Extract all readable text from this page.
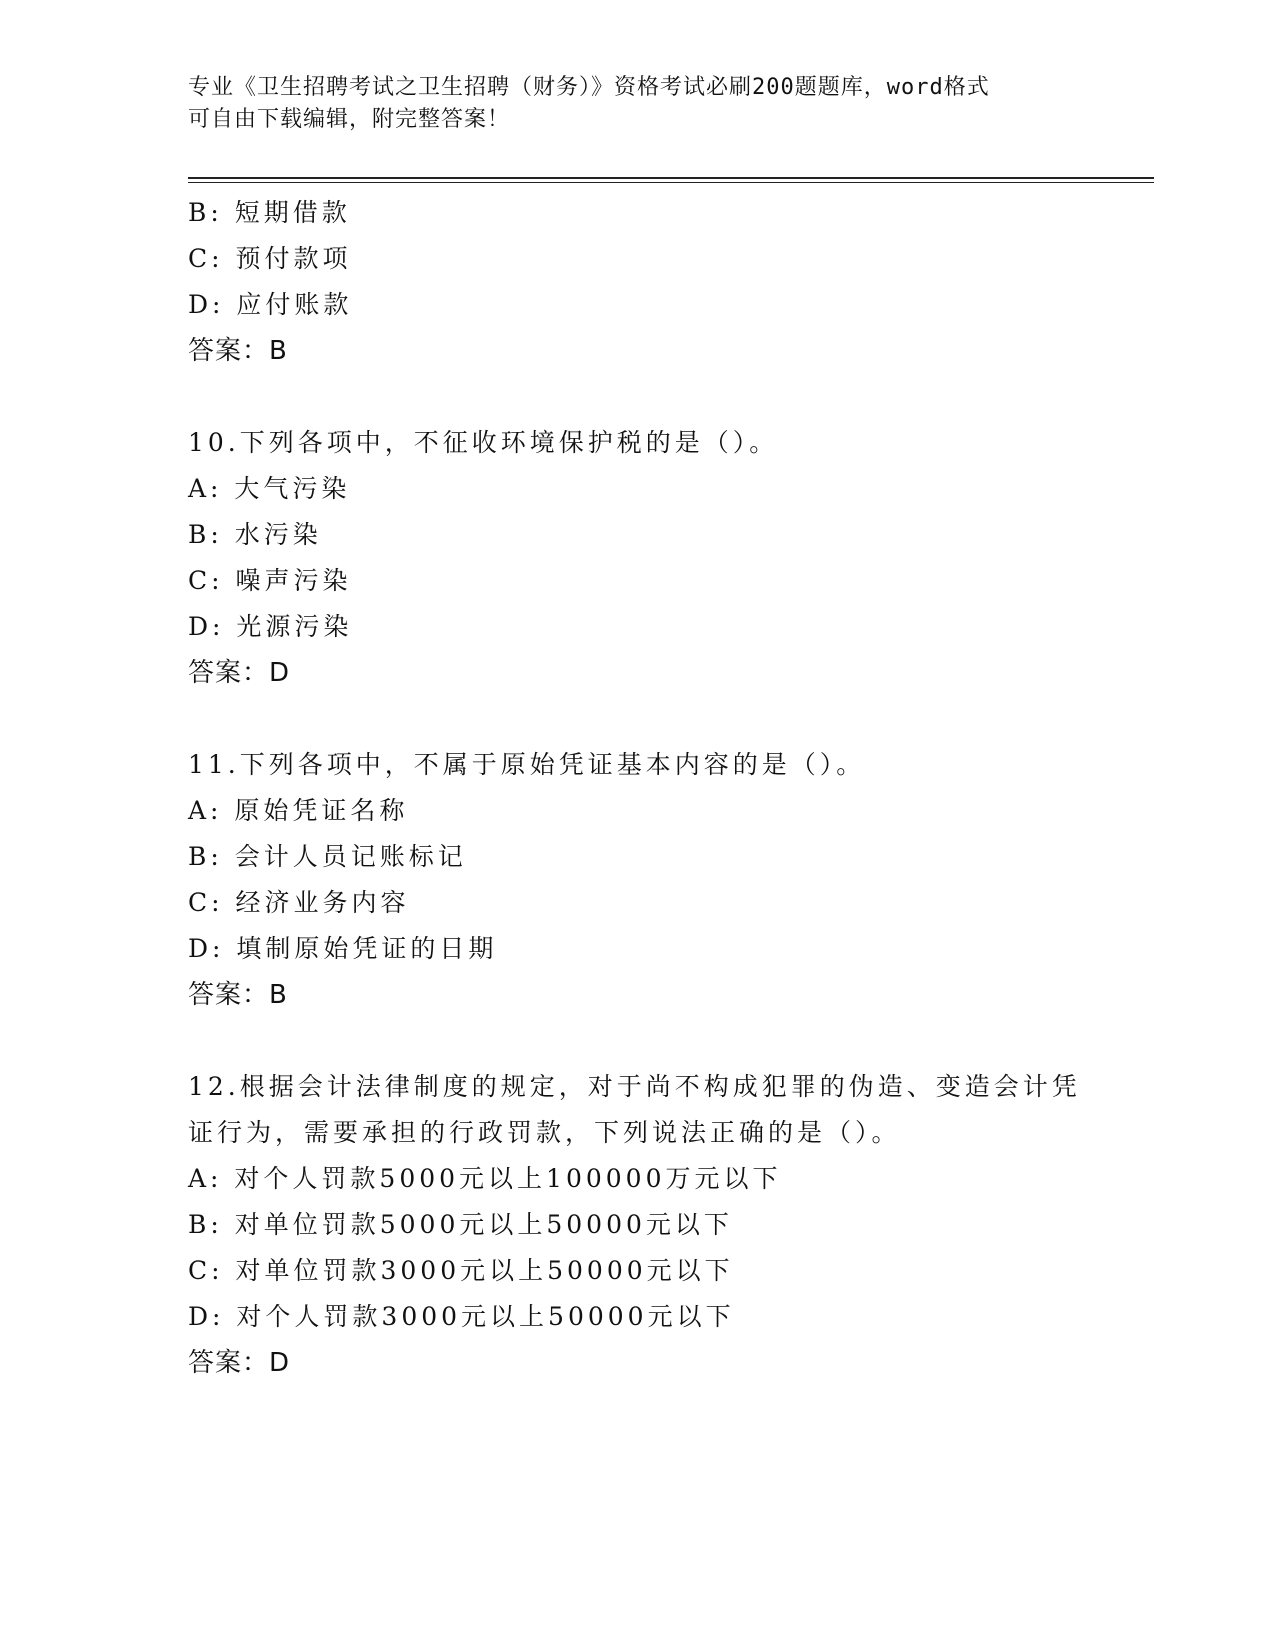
专业《卫生招聘考试之卫生招聘（财务）》资格考试必刷200题题库，word格式
可自由下载编辑，附完整答案！
B: 短期借款
C: 预付款项
D: 应付账款
答案：B
10.下列各项中，不征收环境保护税的是（）。
A: 大气污染
B: 水污染
C: 噪声污染
D: 光源污染
答案：D
11.下列各项中，不属于原始凭证基本内容的是（）。
A: 原始凭证名称
B: 会计人员记账标记
C: 经济业务内容
D: 填制原始凭证的日期
答案：B
12.根据会计法律制度的规定，对于尚不构成犯罪的伪造、变造会计凭
证行为，需要承担的行政罚款，下列说法正确的是（）。
A: 对个人罚款5000元以上100000万元以下
B: 对单位罚款5000元以上50000元以下
C: 对单位罚款3000元以上50000元以下
D: 对个人罚款3000元以上50000元以下
答案：D
